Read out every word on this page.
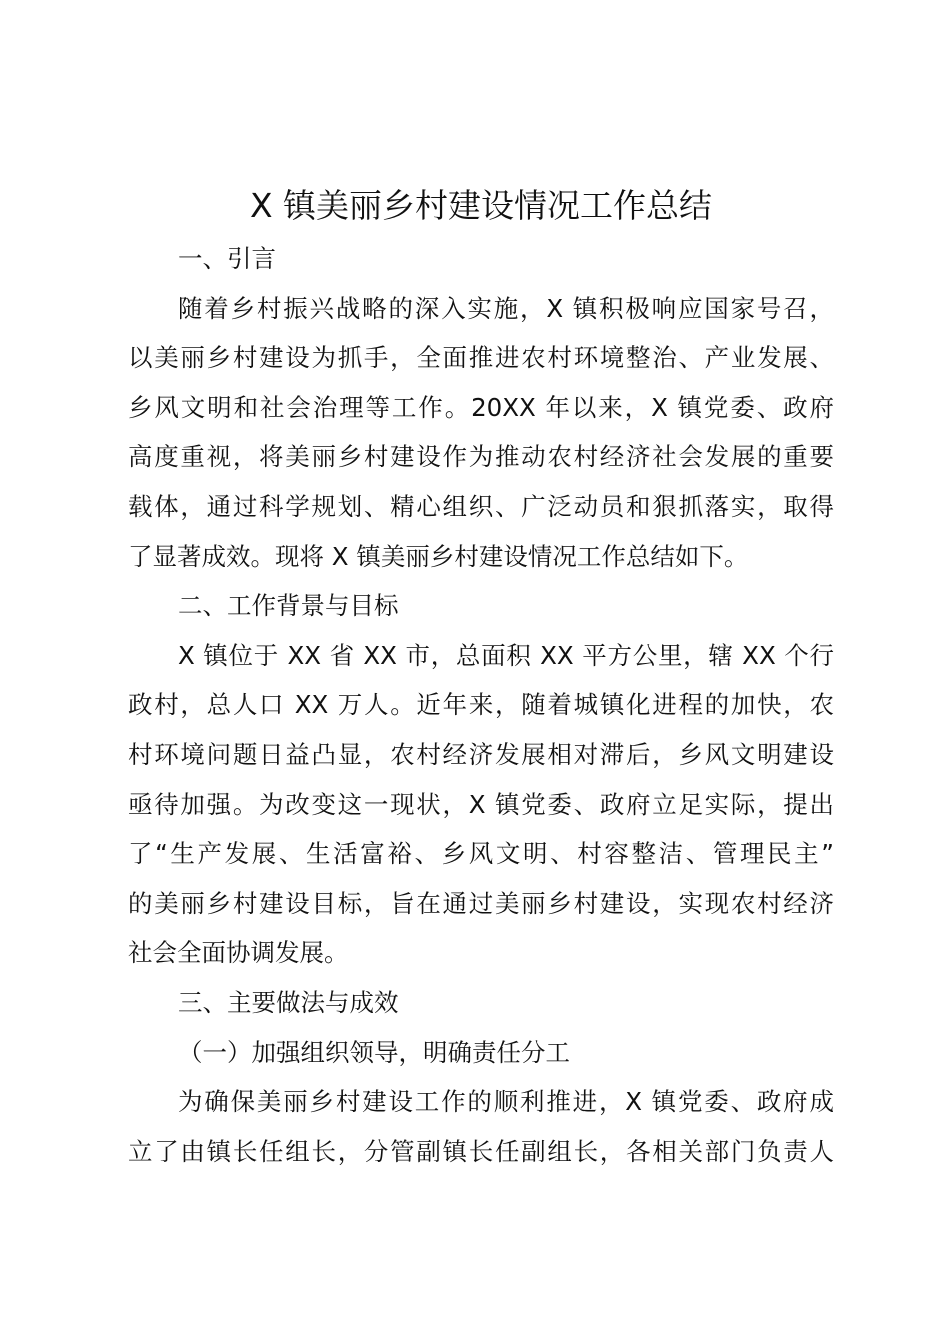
X 镇美丽乡村建设情况工作总结
一、引言
随着乡村振兴战略的深入实施，X 镇积极响应国家号召，
以美丽乡村建设为抓手，全面推进农村环境整治、产业发展、
乡风文明和社会治理等工作。20XX 年以来，X 镇党委、政府
高度重视，将美丽乡村建设作为推动农村经济社会发展的重要
载体，通过科学规划、精心组织、广泛动员和狠抓落实，取得
了显著成效。现将 X 镇美丽乡村建设情况工作总结如下。
二、工作背景与目标
X 镇位于 XX 省 XX 市，总面积 XX 平方公里，辖 XX 个行
政村，总人口 XX 万人。近年来，随着城镇化进程的加快，农
村环境问题日益凸显，农村经济发展相对滞后，乡风文明建设
亟待加强。为改变这一现状，X 镇党委、政府立足实际，提出
了“生产发展、生活富裕、乡风文明、村容整洁、管理民主”
的美丽乡村建设目标，旨在通过美丽乡村建设，实现农村经济
社会全面协调发展。
三、主要做法与成效
（一）加强组织领导，明确责任分工
为确保美丽乡村建设工作的顺利推进，X 镇党委、政府成
立了由镇长任组长，分管副镇长任副组长，各相关部门负责人
